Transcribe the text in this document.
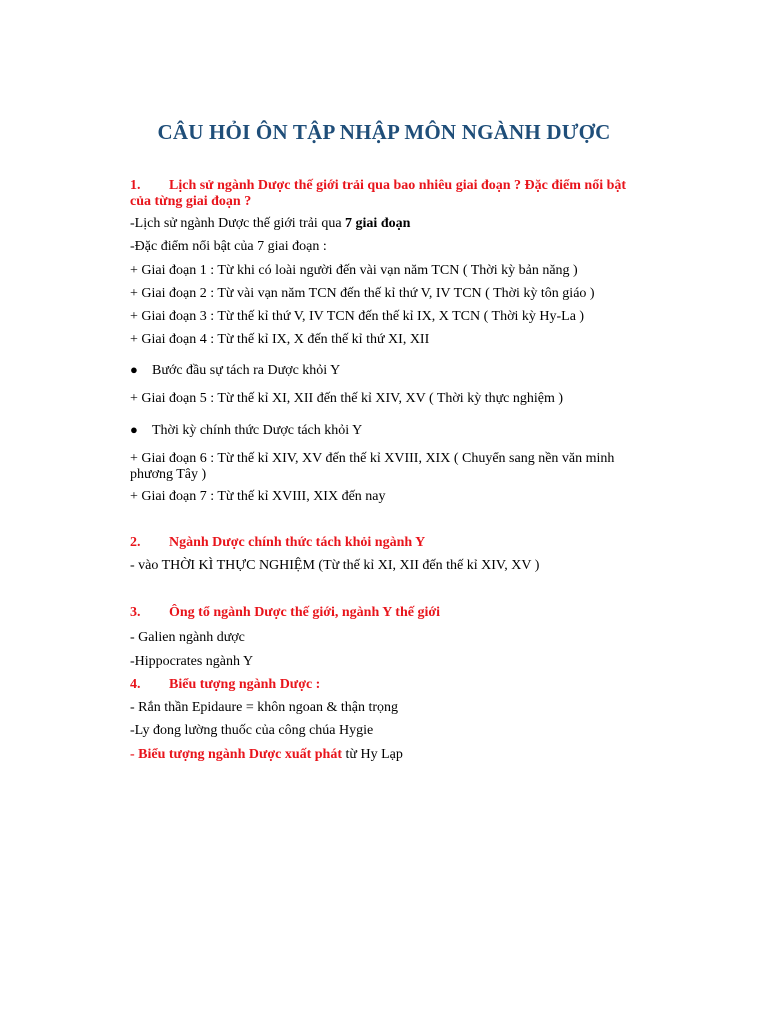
CÂU HỎI ÔN TẬP NHẬP MÔN NGÀNH DƯỢC
1. Lịch sử ngành Dược thế giới trải qua bao nhiêu giai đoạn ? Đặc điểm nổi bật của từng giai đoạn ?
-Lịch sử ngành Dược thế giới trải qua 7 giai đoạn
-Đặc điểm nổi bật của 7 giai đoạn :
+ Giai đoạn 1 : Từ khi có loài người đến vài vạn năm TCN ( Thời kỳ bản năng )
+ Giai đoạn 2 : Từ vài vạn năm TCN đến thế kỉ thứ V, IV TCN ( Thời kỳ tôn giáo )
+ Giai đoạn 3 : Từ thế kỉ thứ V, IV TCN đến thế kỉ IX, X TCN ( Thời kỳ Hy-La )
+ Giai đoạn 4 : Từ thế kỉ IX, X đến thế kỉ thứ XI, XII
● Bước đầu sự tách ra Dược khỏi Y
+ Giai đoạn 5 : Từ thế kỉ XI, XII đến thế kỉ XIV, XV ( Thời kỳ thực nghiệm )
● Thời kỳ chính thức Dược tách khỏi Y
+ Giai đoạn 6 : Từ thế kỉ XIV, XV đến thế kỉ XVIII, XIX ( Chuyển sang nền văn minh phương Tây )
+ Giai đoạn 7 : Từ thế kỉ XVIII, XIX đến nay
2. Ngành Dược chính thức tách khỏi ngành Y
- vào THỜI KÌ THỰC NGHIỆM (Từ thế kỉ XI, XII đến thế kỉ XIV, XV )
3. Ông tổ ngành Dược thế giới, ngành Y thế giới
- Galien ngành dược
-Hippocrates ngành Y
4. Biểu tượng ngành Dược :
- Rắn thần Epidaure = khôn ngoan & thận trọng
-Ly đong lường thuốc của công chúa Hygie
- Biểu tượng ngành Dược xuất phát từ Hy Lạp
